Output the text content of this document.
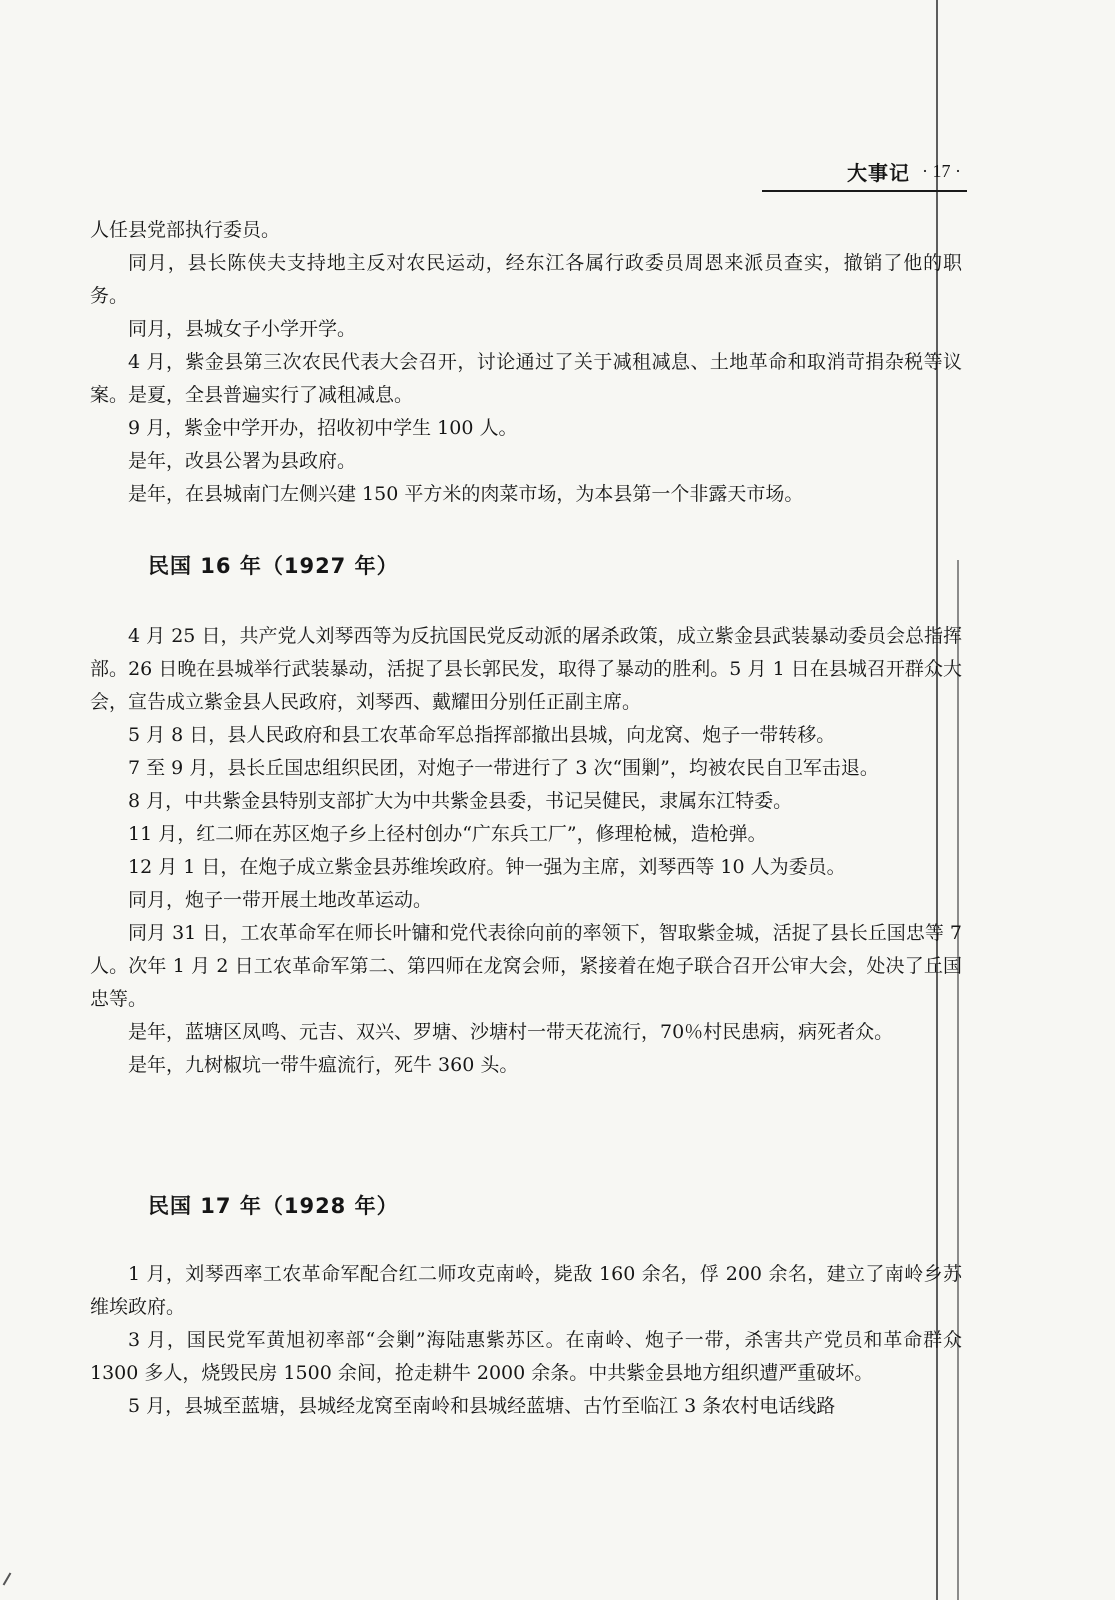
大事记 · 17 ·

人任县党部执行委员。

同月，县长陈侠夫支持地主反对农民运动，经东江各属行政委员周恩来派员查实，撤销了他的职务。

同月，县城女子小学开学。

4 月，紫金县第三次农民代表大会召开，讨论通过了关于减租减息、土地革命和取消苛捐杂税等议案。是夏，全县普遍实行了减租减息。

9 月，紫金中学开办，招收初中学生 100 人。

是年，改县公署为县政府。

是年，在县城南门左侧兴建 150 平方米的肉菜市场，为本县第一个非露天市场。

民国 16 年（1927 年）

4 月 25 日，共产党人刘琴西等为反抗国民党反动派的屠杀政策，成立紫金县武装暴动委员会总指挥部。26 日晚在县城举行武装暴动，活捉了县长郭民发，取得了暴动的胜利。5 月 1 日在县城召开群众大会，宣告成立紫金县人民政府，刘琴西、戴耀田分别任正副主席。

5 月 8 日，县人民政府和县工农革命军总指挥部撤出县城，向龙窝、炮子一带转移。

7 至 9 月，县长丘国忠组织民团，对炮子一带进行了 3 次“围剿”，均被农民自卫军击退。

8 月，中共紫金县特别支部扩大为中共紫金县委，书记吴健民，隶属东江特委。

11 月，红二师在苏区炮子乡上径村创办“广东兵工厂”，修理枪械，造枪弹。

12 月 1 日，在炮子成立紫金县苏维埃政府。钟一强为主席，刘琴西等 10 人为委员。

同月，炮子一带开展土地改革运动。

同月 31 日，工农革命军在师长叶镛和党代表徐向前的率领下，智取紫金城，活捉了县长丘国忠等 7 人。次年 1 月 2 日工农革命军第二、第四师在龙窝会师，紧接着在炮子联合召开公审大会，处决了丘国忠等。

是年，蓝塘区凤鸣、元吉、双兴、罗塘、沙塘村一带天花流行，70％村民患病，病死者众。

是年，九树椒坑一带牛瘟流行，死牛 360 头。

民国 17 年（1928 年）

1 月，刘琴西率工农革命军配合红二师攻克南岭，毙敌 160 余名，俘 200 余名，建立了南岭乡苏维埃政府。

3 月，国民党军黄旭初率部“会剿”海陆惠紫苏区。在南岭、炮子一带，杀害共产党员和革命群众 1300 多人，烧毁民房 1500 余间，抢走耕牛 2000 余条。中共紫金县地方组织遭严重破坏。

5 月，县城至蓝塘，县城经龙窝至南岭和县城经蓝塘、古竹至临江 3 条农村电话线路
